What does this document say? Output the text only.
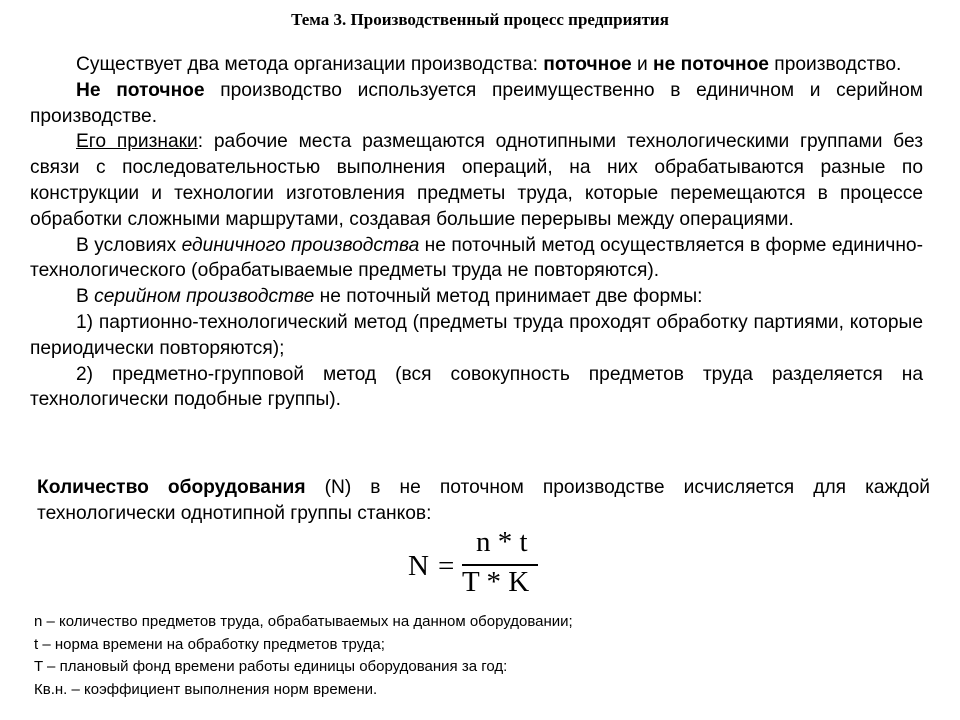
Тема 3. Производственный процесс предприятия

Существует два метода организации производства: поточное и не поточное производство.

Не поточное производство используется преимущественно в единичном и серийном производстве.

Его признаки: рабочие места размещаются однотипными технологическими группами без связи с последовательностью выполнения операций, на них обрабатываются разные по конструкции и технологии изготовления предметы труда, которые перемещаются в процессе обработки сложными маршрутами, создавая большие перерывы между операциями.

В условиях единичного производства не поточный метод осуществляется в форме единично-технологического (обрабатываемые предметы труда не повторяются).

В серийном производстве не поточный метод принимает две формы:

1) партионно-технологический метод (предметы труда проходят обработку партиями, которые периодически повторяются);

2) предметно-групповой метод (вся совокупность предметов труда разделяется на технологически подобные группы).

Количество оборудования (N) в не поточном производстве исчисляется для каждой технологически однотипной группы станков:

N =
n * t
T * K
n – количество предметов труда, обрабатываемых на данном оборудовании;
t – норма времени на обработку предметов труда;
T – плановый фонд времени работы единицы оборудования за год:
Кв.н. – коэффициент выполнения норм времени.
